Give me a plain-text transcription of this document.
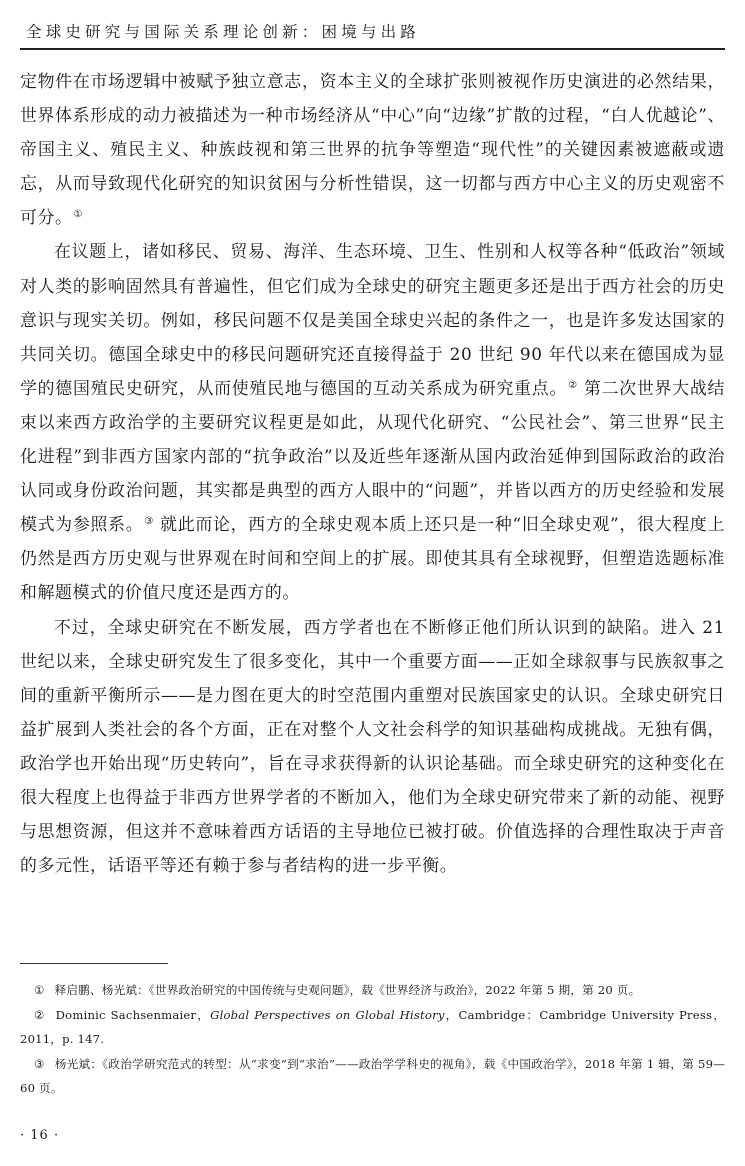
全球史研究与国际关系理论创新：困境与出路

定物件在市场逻辑中被赋予独立意志，资本主义的全球扩张则被视作历史演进的必然结果，世界体系形成的动力被描述为一种市场经济从“中心”向“边缘”扩散的过程，“白人优越论”、帝国主义、殖民主义、种族歧视和第三世界的抗争等塑造“现代性”的关键因素被遮蔽或遗忘，从而导致现代化研究的知识贫困与分析性错误，这一切都与西方中心主义的历史观密不可分。①

在议题上，诸如移民、贸易、海洋、生态环境、卫生、性别和人权等各种“低政治”领域对人类的影响固然具有普遍性，但它们成为全球史的研究主题更多还是出于西方社会的历史意识与现实关切。例如，移民问题不仅是美国全球史兴起的条件之一，也是许多发达国家的共同关切。德国全球史中的移民问题研究还直接得益于 20 世纪 90 年代以来在德国成为显学的德国殖民史研究，从而使殖民地与德国的互动关系成为研究重点。② 第二次世界大战结束以来西方政治学的主要研究议程更是如此，从现代化研究、“公民社会”、第三世界“民主化进程”到非西方国家内部的“抗争政治”以及近些年逐渐从国内政治延伸到国际政治的政治认同或身份政治问题，其实都是典型的西方人眼中的“问题”，并皆以西方的历史经验和发展模式为参照系。③ 就此而论，西方的全球史观本质上还只是一种“旧全球史观”，很大程度上仍然是西方历史观与世界观在时间和空间上的扩展。即使其具有全球视野，但塑造选题标准和解题模式的价值尺度还是西方的。

不过，全球史研究在不断发展，西方学者也在不断修正他们所认识到的缺陷。进入 21 世纪以来，全球史研究发生了很多变化，其中一个重要方面——正如全球叙事与民族叙事之间的重新平衡所示——是力图在更大的时空范围内重塑对民族国家史的认识。全球史研究日益扩展到人类社会的各个方面，正在对整个人文社会科学的知识基础构成挑战。无独有偶，政治学也开始出现“历史转向”，旨在寻求获得新的认识论基础。而全球史研究的这种变化在很大程度上也得益于非西方世界学者的不断加入，他们为全球史研究带来了新的动能、视野与思想资源，但这并不意味着西方话语的主导地位已被打破。价值选择的合理性取决于声音的多元性，话语平等还有赖于参与者结构的进一步平衡。

① 释启鹏、杨光斌：《世界政治研究的中国传统与史观问题》，载《世界经济与政治》，2022 年第 5 期，第 20 页。

② Dominic Sachsenmaier，Global Perspectives on Global History，Cambridge：Cambridge University Press，2011，p. 147.

③ 杨光斌：《政治学研究范式的转型：从“求变”到“求治”——政治学学科史的视角》，载《中国政治学》，2018 年第 1 辑，第 59—60 页。

· 16 ·
